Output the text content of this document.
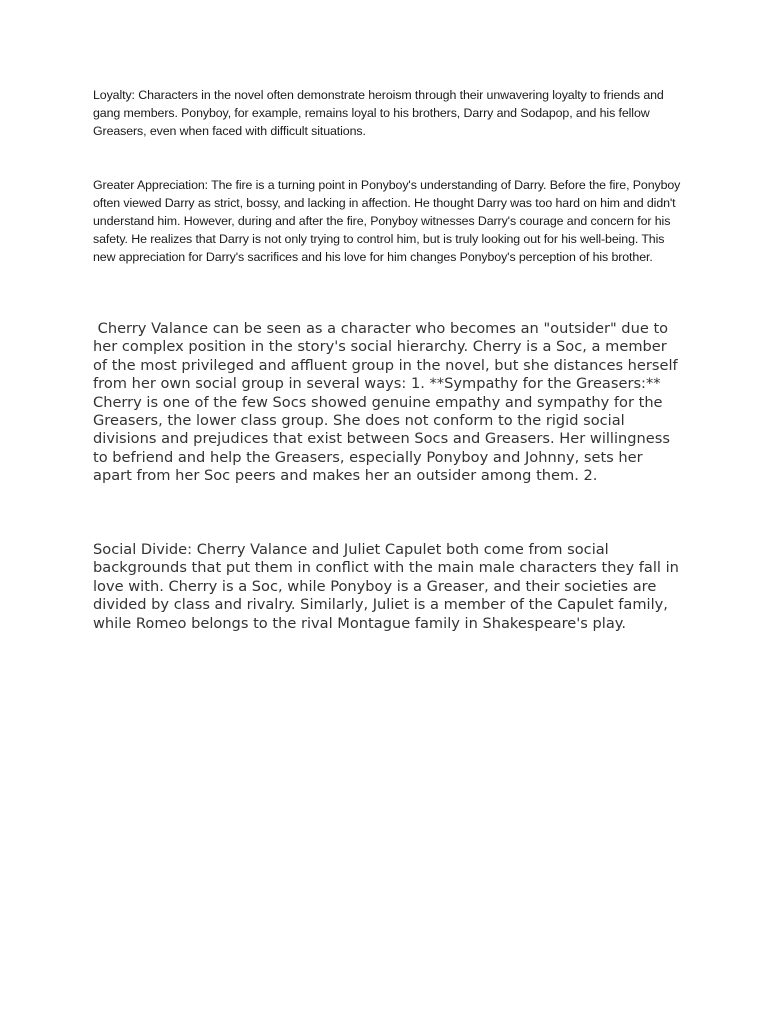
Loyalty: Characters in the novel often demonstrate heroism through their unwavering loyalty to friends and gang members. Ponyboy, for example, remains loyal to his brothers, Darry and Sodapop, and his fellow Greasers, even when faced with difficult situations.

Greater Appreciation: The fire is a turning point in Ponyboy's understanding of Darry. Before the fire, Ponyboy often viewed Darry as strict, bossy, and lacking in affection. He thought Darry was too hard on him and didn't understand him. However, during and after the fire, Ponyboy witnesses Darry's courage and concern for his safety. He realizes that Darry is not only trying to control him, but is truly looking out for his well-being. This new appreciation for Darry's sacrifices and his love for him changes Ponyboy's perception of his brother.

Cherry Valance can be seen as a character who becomes an "outsider" due to her complex position in the story's social hierarchy. Cherry is a Soc, a member of the most privileged and affluent group in the novel, but she distances herself from her own social group in several ways: 1. **Sympathy for the Greasers:** Cherry is one of the few Socs showed genuine empathy and sympathy for the Greasers, the lower class group. She does not conform to the rigid social divisions and prejudices that exist between Socs and Greasers. Her willingness to befriend and help the Greasers, especially Ponyboy and Johnny, sets her apart from her Soc peers and makes her an outsider among them. 2.

Social Divide: Cherry Valance and Juliet Capulet both come from social backgrounds that put them in conflict with the main male characters they fall in love with. Cherry is a Soc, while Ponyboy is a Greaser, and their societies are divided by class and rivalry. Similarly, Juliet is a member of the Capulet family, while Romeo belongs to the rival Montague family in Shakespeare's play.
